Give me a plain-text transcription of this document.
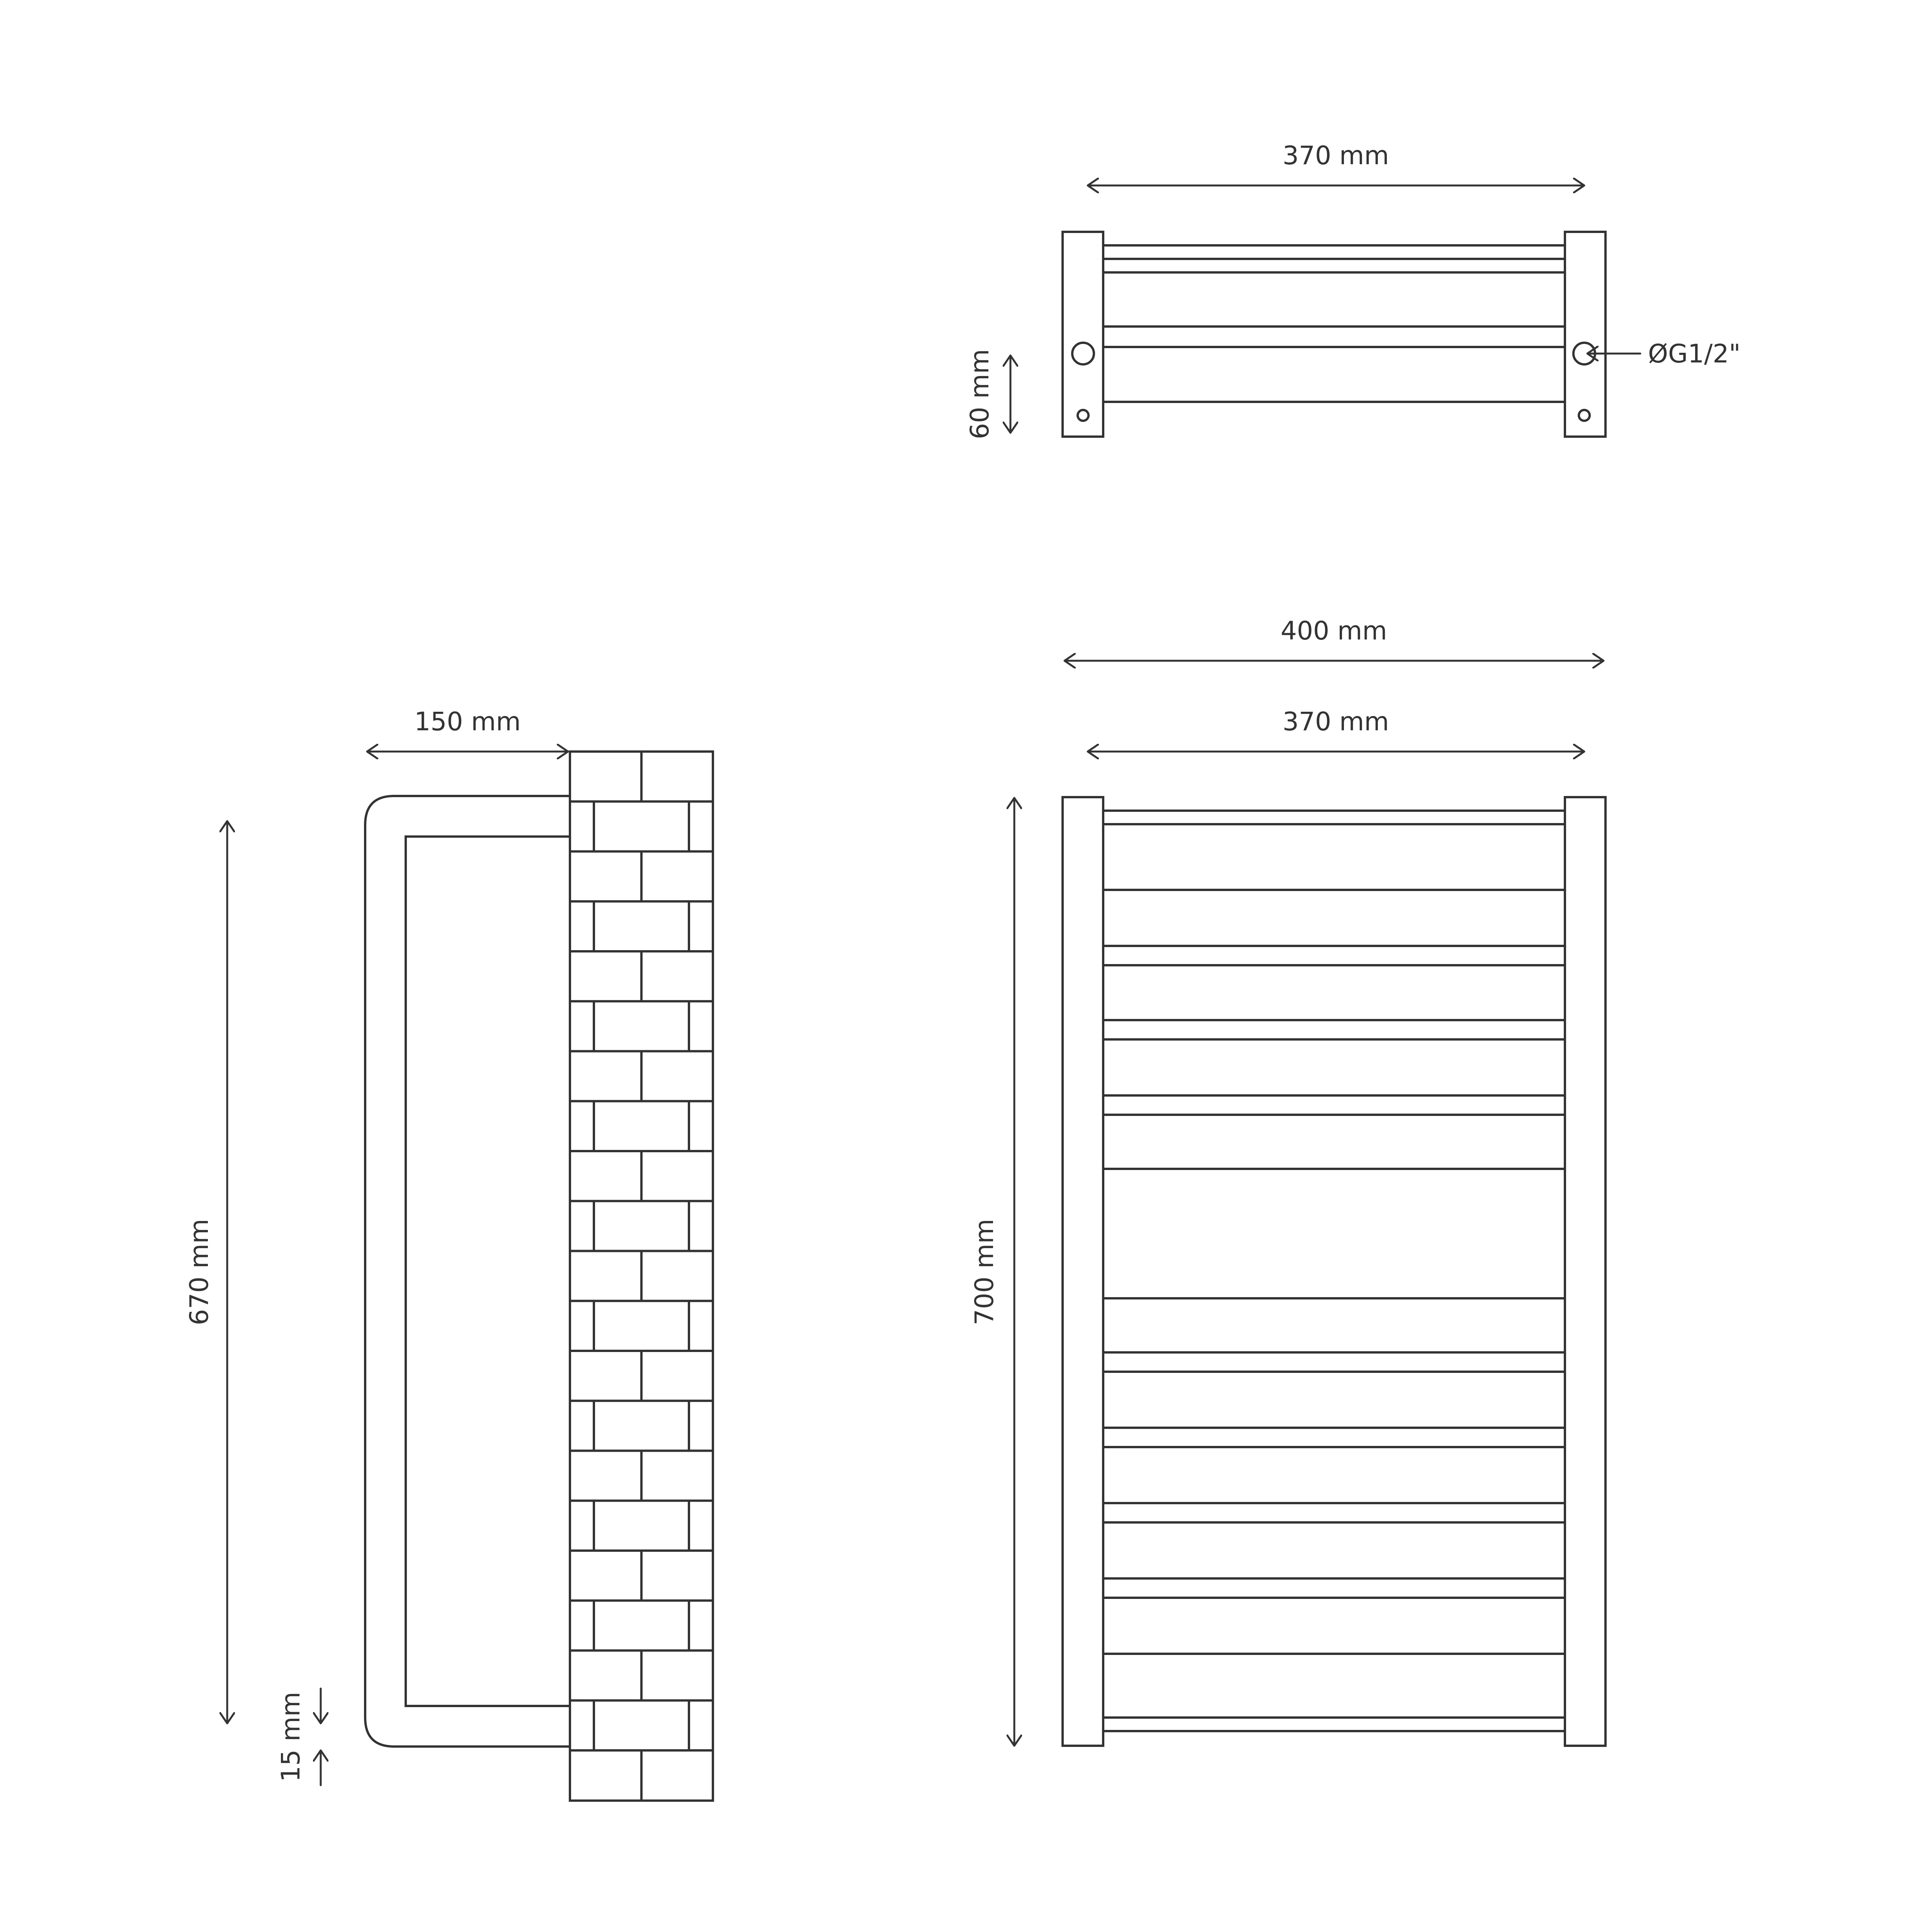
370 mm
ØG1/2"
60 mm
150 mm
670 mm
15 mm
400 mm
370 mm
700 mm
